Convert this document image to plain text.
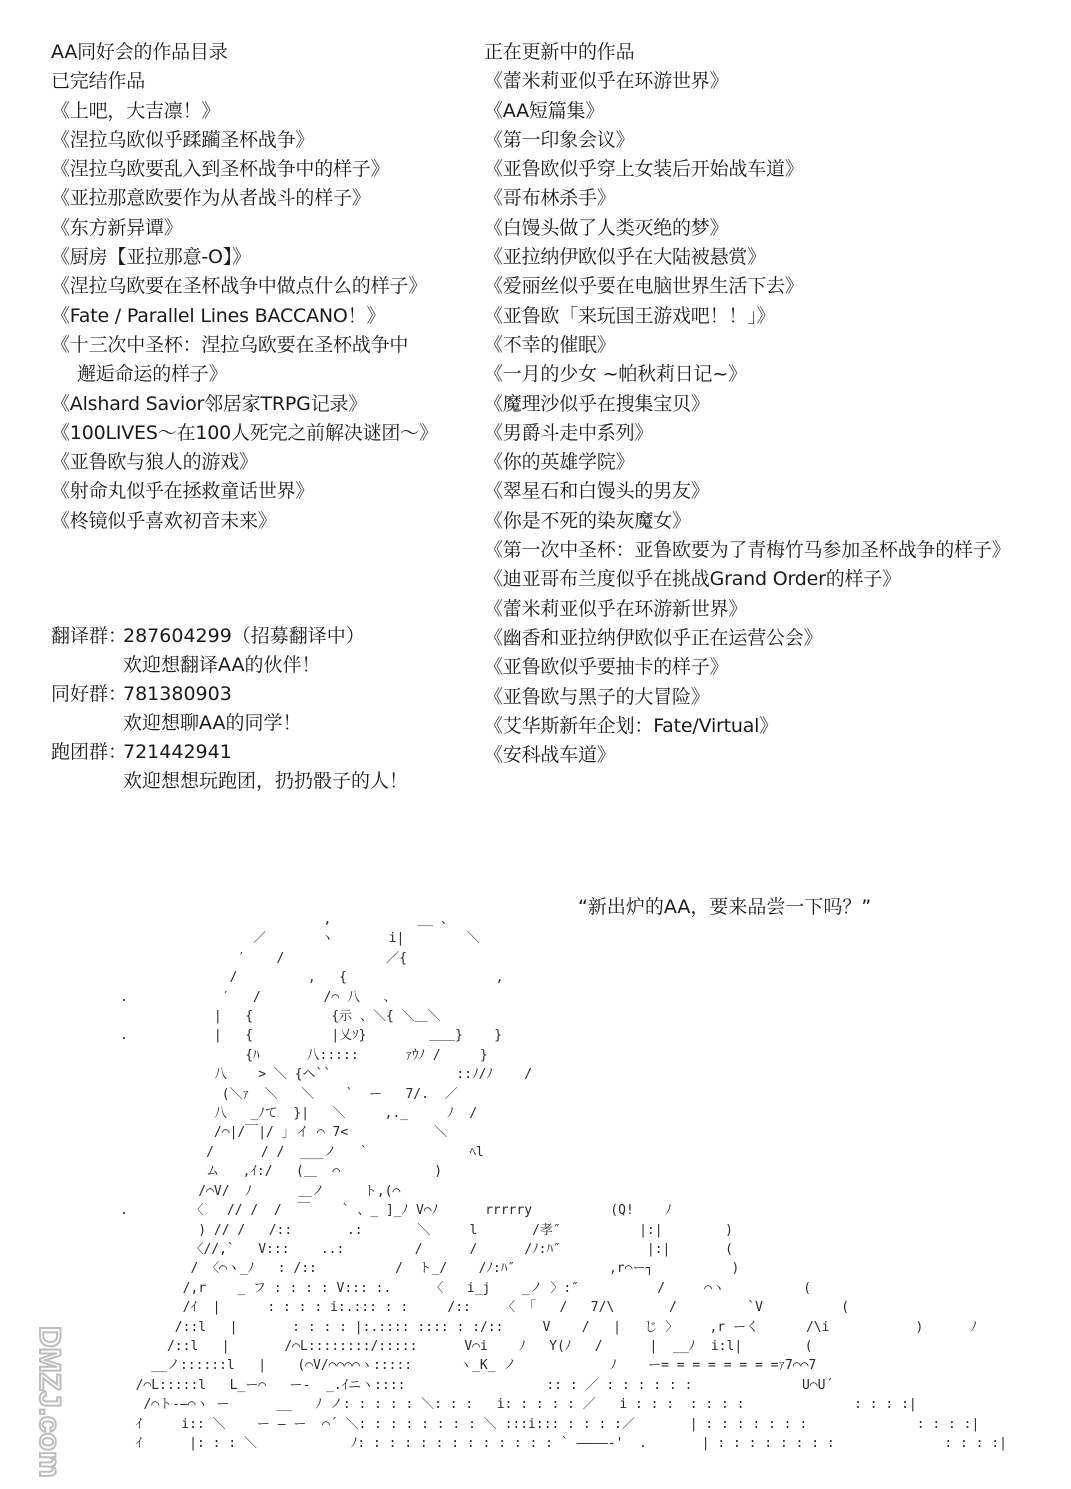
AA同好会的作品目录
已完结作品
《上吧，大吉凛！》
《涅拉乌欧似乎蹂躏圣杯战争》
《涅拉乌欧要乱入到圣杯战争中的样子》
《亚拉那意欧要作为从者战斗的样子》
《东方新异谭》
《厨房【亚拉那意-O】》
《涅拉乌欧要在圣杯战争中做点什么的样子》
《Fate / Parallel Lines BACCANO！》
《十三次中圣杯：涅拉乌欧要在圣杯战争中
邂逅命运的样子》
《Alshard Savior邻居家TRPG记录》
《100LIVES～在100人死完之前解决谜团～》
《亚鲁欧与狼人的游戏》
《射命丸似乎在拯救童话世界》
《柊镜似乎喜欢初音未来》
正在更新中的作品
《蕾米莉亚似乎在环游世界》
《AA短篇集》
《第一印象会议》
《亚鲁欧似乎穿上女装后开始战车道》
《哥布林杀手》
《白馒头做了人类灭绝的梦》
《亚拉纳伊欧似乎在大陆被悬赏》
《爱丽丝似乎要在电脑世界生活下去》
《亚鲁欧「来玩国王游戏吧！！」》
《不幸的催眠》
《一月的少女 ~帕秋莉日记~》
《魔理沙似乎在搜集宝贝》
《男爵斗走中系列》
《你的英雄学院》
《翠星石和白馒头的男友》
《你是不死的染灰魔女》
《第一次中圣杯：亚鲁欧要为了青梅竹马参加圣杯战争的样子》
《迪亚哥布兰度似乎在挑战Grand Order的样子》
《蕾米莉亚似乎在环游新世界》
《幽香和亚拉纳伊欧似乎正在运营公会》
《亚鲁欧似乎要抽卡的样子》
《亚鲁欧与黑子的大冒险》
《艾华斯新年企划：Fate/Virtual》
《安科战车道》
翻译群：287604299（招募翻译中）
欢迎想翻译AA的伙伴！
同好群：781380903
欢迎想聊AA的同学！
跑团群：721442941
欢迎想想玩跑团，扔扔骰子的人！
“新出炉的AA，要来品尝一下吗？”
,           __ 、
／       ヽ       i|        ＼
′    /             ／{
/         ,   {                   ,
.            ′   /        /⌒ 八   、
|   {          {示 、＼{ ＼＿＼
.           |   {          |乂ｿ}        ＿＿}    }
{ﾊ      八:::::      ｧｳﾉ /     }
八    > ＼ {ヘ``                ::ﾉ/ﾉ    /
(＼ｧ  ＼   ＼    `  ー   7/.  ／
八   _ﾉて  }|   ＼     ,._     ﾉ  /
/⌒|/￣|/ ｣ イ ⌒ 7<           ＼
/      / /  ___ノ   `             ﾍl
ム   ,ｲ:/   (＿  ⌒            )
/⌒V/  ﾉ      ＿ノ     ト,(⌒
.        〈   // /  /  ￣    ` 、_ ]_ﾉ V⌒ﾉ      rrrrry          (Q!    ﾉ
) // /   /::       .:       ＼     l       /孝″          |:|        )
〈//,`   V:::    ..:         /      /      /ﾉ:ﾊ″           |:|       (
/ 〈⌒ヽ_ﾉ   : /::          /  ト_/    /ﾉ:ﾊ″            ,r⌒ー┐          )
/,r    _ フ : : : : V::: :.     〈   i_j    _ノ 〉:″          /     ⌒ヽ          (
/ｲ  |      : : : : i:.::: : :     /::    〈 「   /   7/\       /         `V          (
/::l   |       : : : : |:.:::: :::: : :/::     V    /   |   じ 〉    ,r ーく      /\i           )      ﾉ
/::l   |       /⌒L::::::::/:::::      V⌒i    ﾉ   Y(ﾉ   /      |  __ﾉ  i:l|        (
__ノ::::::l   |    (⌒V/⌒⌒⌒⌒ヽ:::::      ヽ_K_ ノ            ﾉ    ー= = = = = = = =ｧ7⌒⌒7
/⌒L:::::l   L_ー⌒   ー‐  _.ｲニヽ::::                  :: : ／ : : : : : :              U⌒U´
/⌒ト-―⌒ヽ ー      __   ﾉ ノ: : : : : ＼: : :   i: : : : : ／   i : : :  : : : :              : : : :|
ｲ     i:: ＼    ー ― ー  ⌒´ ＼: : : : : : : : ＼ :::i::: : : : :／       | : : : : : : :              : : : :|
ｲ      |: : : ＼            ﾉ: : : : : : : : : : : : : ` ――――‐'  .       | : : : : : : : :              : : : :|

DMZJ.com
